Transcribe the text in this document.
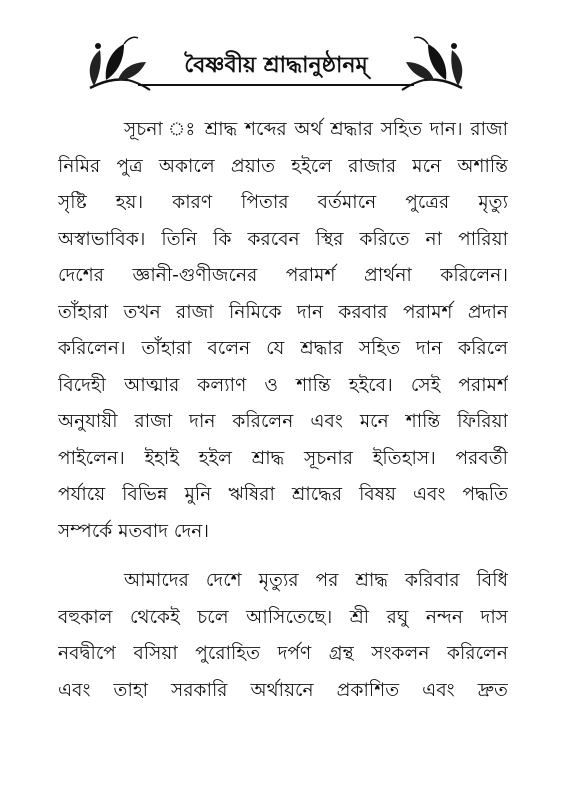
বৈষ্ণবীয় শ্রাদ্ধানুষ্ঠানম্
সূচনা ঃ শ্রাদ্ধ শব্দের অর্থ শ্রদ্ধার সহিত দান। রাজা
নিমির পুত্র অকালে প্রয়াত হইলে রাজার মনে অশান্তি
সৃষ্টি হয়। কারণ পিতার বর্তমানে পুত্রের মৃত্যু
অস্বাভাবিক। তিনি কি করবেন স্থির করিতে না পারিয়া
দেশের জ্ঞানী-গুণীজনের পরামর্শ প্রার্থনা করিলেন।
তাঁহারা তখন রাজা নিমিকে দান করবার পরামর্শ প্রদান
করিলেন। তাঁহারা বলেন যে শ্রদ্ধার সহিত দান করিলে
বিদেহী আত্মার কল্যাণ ও শান্তি হইবে। সেই পরামর্শ
অনুযায়ী রাজা দান করিলেন এবং মনে শান্তি ফিরিয়া
পাইলেন। ইহাই হইল শ্রাদ্ধ সূচনার ইতিহাস। পরবর্তী
পর্যায়ে বিভিন্ন মুনি ঋষিরা শ্রাদ্ধের বিষয় এবং পদ্ধতি
সম্পর্কে মতবাদ দেন।
আমাদের দেশে মৃত্যুর পর শ্রাদ্ধ করিবার বিধি
বহুকাল থেকেই চলে আসিতেছে। শ্রী রঘু নন্দন দাস
নবদ্বীপে বসিয়া পুরোহিত দর্পণ গ্রন্থ সংকলন করিলেন
এবং তাহা সরকারি অর্থায়নে প্রকাশিত এবং দ্রুত
